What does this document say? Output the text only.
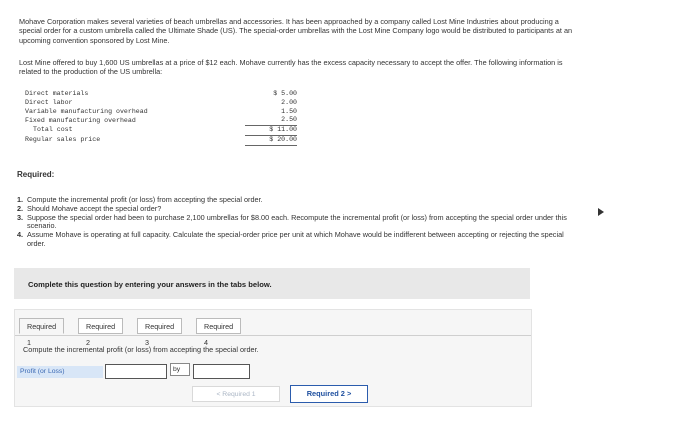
Mohave Corporation makes several varieties of beach umbrellas and accessories. It has been approached by a company called Lost Mine Industries about producing a special order for a custom umbrella called the Ultimate Shade (US). The special-order umbrellas with the Lost Mine Company logo would be distributed to participants at an upcoming convention sponsored by Lost Mine.

Lost Mine offered to buy 1,600 US umbrellas at a price of $12 each. Mohave currently has the excess capacity necessary to accept the offer. The following information is related to the production of the US umbrella:

Direct materials	$ 5.00
Direct labor	2.00
Variable manufacturing overhead	1.50
Fixed manufacturing overhead	2.50
Total cost	$ 11.00
Regular sales price	$ 20.00
Required:
1. Compute the incremental profit (or loss) from accepting the special order.
2. Should Mohave accept the special order?
3. Suppose the special order had been to purchase 2,100 umbrellas for $8.00 each. Recompute the incremental profit (or loss) from accepting the special order under this scenario.
4. Assume Mohave is operating at full capacity. Calculate the special-order price per unit at which Mohave would be indifferent between accepting or rejecting the special order.
Complete this question by entering your answers in the tabs below.
Required 1
Required 2
Required 3
Required 4
Compute the incremental profit (or loss) from accepting the special order.
Profit (or Loss)	by
< Required 1	Required 2 >
